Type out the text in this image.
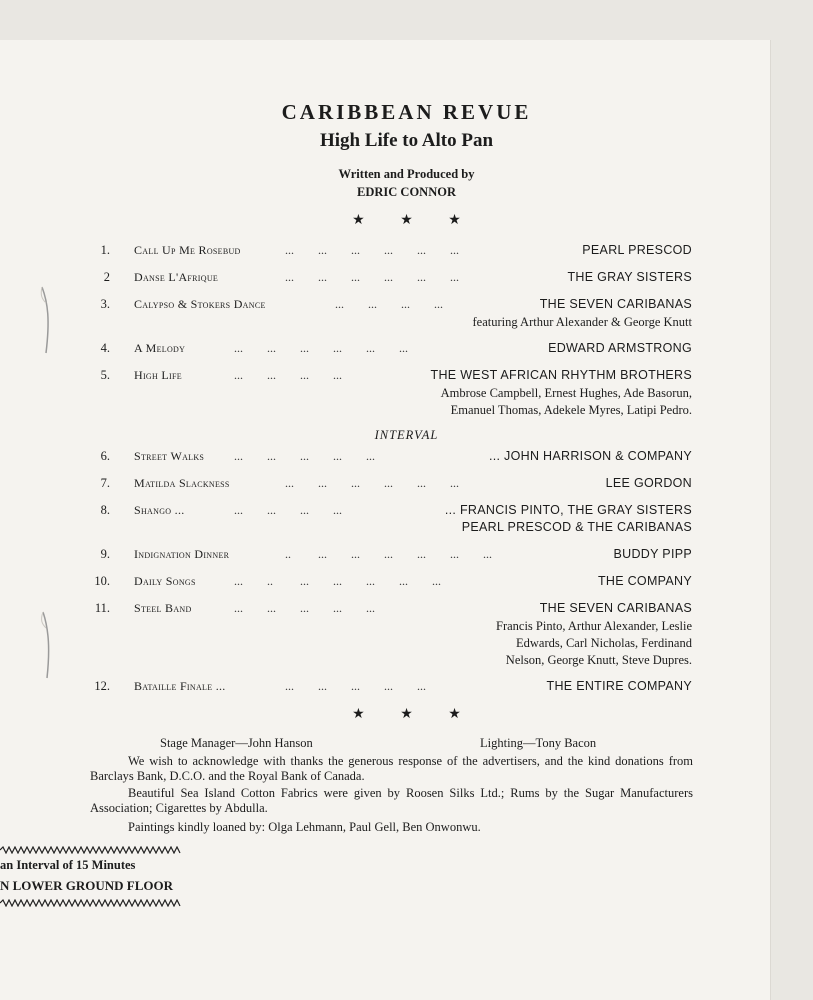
CARIBBEAN REVUE
High Life to Alto Pan
Written and Produced by
EDRIC CONNOR
★ ★ ★
1. Call Up Me Rosebud	...        ...        ...        ...        ...        ...	PEARL PRESCOD
2 Danse L'Afrique	...        ...        ...        ...        ...        ...	THE GRAY SISTERS
3. Calypso & Stokers Dance	...        ...        ...        ...	THE SEVEN CARIBANAS
featuring Arthur Alexander & George Knutt
4. A Melody	...        ...        ...        ...        ...        ...	EDWARD ARMSTRONG
5. High Life	...        ...        ...        ...	THE WEST AFRICAN RHYTHM BROTHERS
Ambrose Campbell, Ernest Hughes, Ade Basorun,
Emanuel Thomas, Adekele Myres, Latipi Pedro.
INTERVAL
6. Street Walks ...        ...        ...        ...        ...	... JOHN HARRISON & COMPANY
7. Matilda Slackness	...        ...        ...        ...        ...        ...	LEE GORDON
8. Shango ...	...        ...        ...        ...	... FRANCIS PINTO, THE GRAY SISTERS
PEARL PRESCOD & THE CARIBANAS
9. Indignation Dinner	..         ...        ...        ...        ...        ...        ...	BUDDY PIPP
10. Daily Songs	...        ..         ...        ...        ...        ...        ...	THE COMPANY
11. Steel Band	...        ...        ...        ...        ...	THE SEVEN CARIBANAS
Francis Pinto, Arthur Alexander, Leslie
Edwards, Carl Nicholas, Ferdinand
Nelson, George Knutt, Steve Dupres.
12. Bataille Finale ...	...        ...        ...        ...        ...	THE ENTIRE COMPANY
★ ★ ★
Stage Manager—John Hanson	Lighting—Tony Bacon
We wish to acknowledge with thanks the generous response of the advertisers, and the kind donations from Barclays Bank, D.C.O. and the Royal Bank of Canada.
Beautiful Sea Island Cotton Fabrics were given by Roosen Silks Ltd.; Rums by the Sugar Manufacturers Association; Cigarettes by Abdulla.
Paintings kindly loaned by: Olga Lehmann, Paul Gell, Ben Onwonwu.
an Interval of 15 Minutes
N LOWER GROUND FLOOR
